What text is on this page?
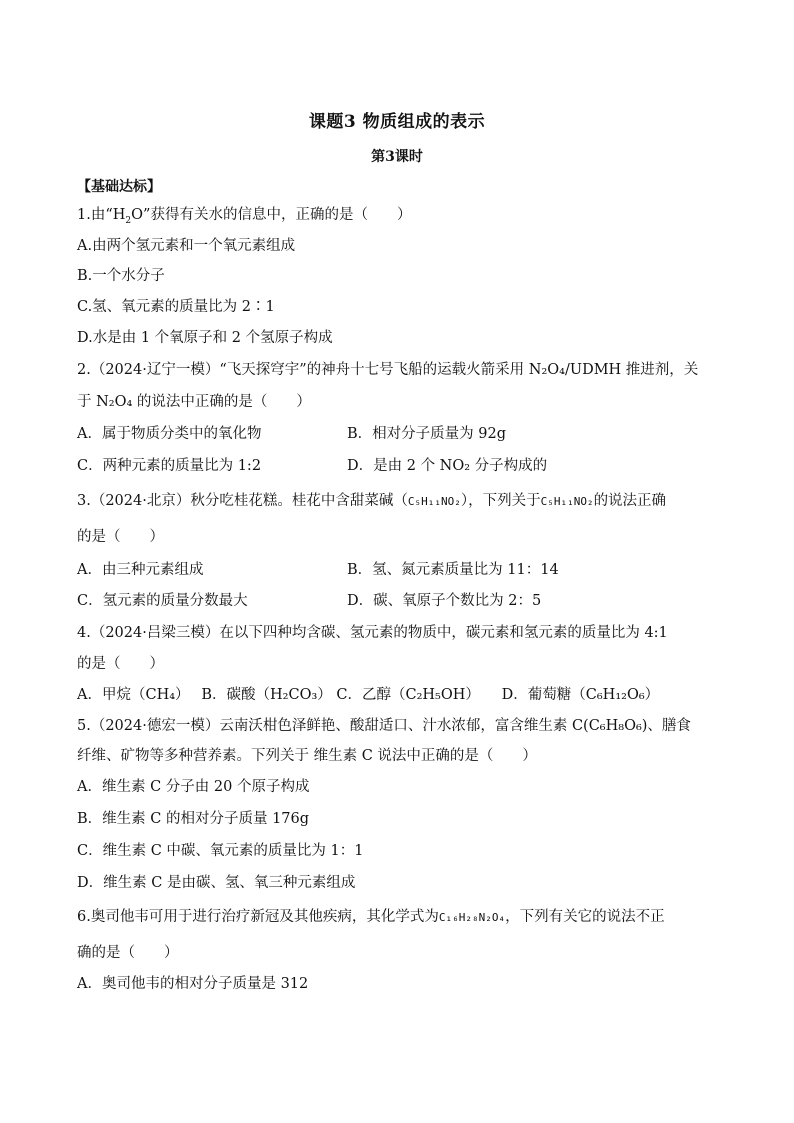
课题3 物质组成的表示
第3课时
【基础达标】
1.由“$H_2O$”获得有关水的信息中，正确的是（　　）
A.由两个氢元素和一个氧元素组成
B.一个水分子
C.氢、氧元素的质量比为 2∶1
D.水是由 1 个氧原子和 2 个氢原子构成
2.（2024·辽宁一模）“飞天探穹宇”的神舟十七号飞船的运载火箭采用 N₂O₄/UDMH 推进剂，关
于 N₂O₄ 的说法中正确的是（　　）
A．属于物质分类中的氧化物	B．相对分子质量为 92g
C．两种元素的质量比为 1:2	D．是由 2 个 NO₂ 分子构成的
3.（2024·北京）秋分吃桂花糕。桂花中含甜菜碱（C₅H₁₁NO₂），下列关于C₅H₁₁NO₂的说法正确
的是（　　）
A．由三种元素组成	B．氢、氮元素质量比为 11：14
C．氢元素的质量分数最大	D．碳、氧原子个数比为 2：5
4.（2024·吕梁三模）在以下四种均含碳、氢元素的物质中，碳元素和氢元素的质量比为 4:1
的是（　　）
A．甲烷（CH₄）　 B．碳酸（H₂CO₃） C．乙醇（C₂H₅OH）　　D．葡萄糖（C₆H₁₂O₆）
5.（2024·德宏一模）云南沃柑色泽鲜艳、酸甜适口、汁水浓郁，富含维生素 C(C₆H₈O₆)、膳食
纤维、矿物等多种营养素。下列关于 维生素 C 说法中正确的是（　　）
A．维生素 C 分子由 20 个原子构成
B．维生素 C 的相对分子质量 176g
C．维生素 C 中碳、氧元素的质量比为 1：1
D．维生素 C 是由碳、氢、氧三种元素组成
6.奥司他韦可用于进行治疗新冠及其他疾病，其化学式为C₁₆H₂₈N₂O₄，下列有关它的说法不正
确的是（　　）
A．奥司他韦的相对分子质量是 312
